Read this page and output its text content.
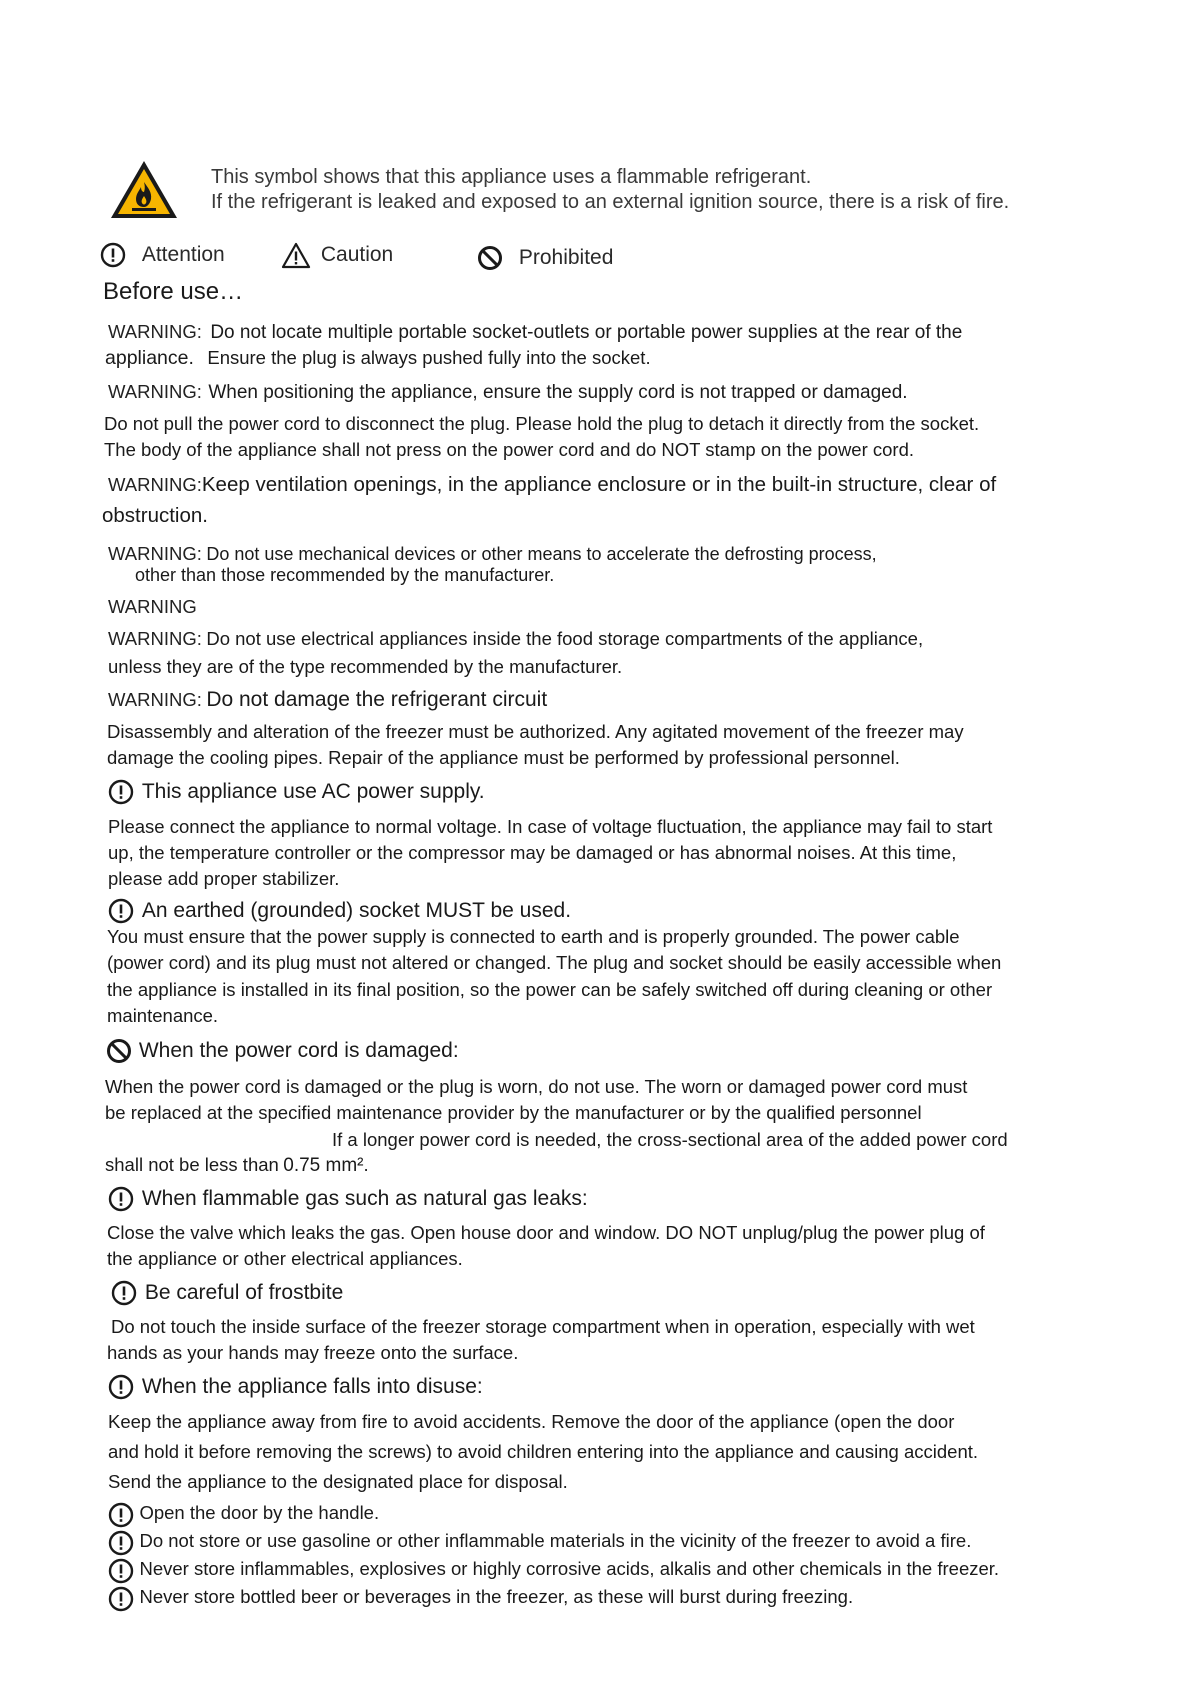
This symbol shows that this appliance uses a flammable refrigerant.
If the refrigerant is leaked and exposed to an external ignition source, there is a risk of fire.
Attention	Caution	Prohibited
Before use…
WARNING: Do not locate multiple portable socket-outlets or portable power supplies at the rear of the
appliance. Ensure the plug is always pushed fully into the socket.
WARNING: When positioning the appliance, ensure the supply cord is not trapped or damaged.
Do not pull the power cord to disconnect the plug. Please hold the plug to detach it directly from the socket.
The body of the appliance shall not press on the power cord and do NOT stamp on the power cord.
WARNING:Keep ventilation openings, in the appliance enclosure or in the built-in structure, clear of
obstruction.
WARNING: Do not use mechanical devices or other means to accelerate the defrosting process,
other than those recommended by the manufacturer.
WARNING
WARNING: Do not use electrical appliances inside the food storage compartments of the appliance,
unless they are of the type recommended by the manufacturer.
WARNING: Do not damage the refrigerant circuit
Disassembly and alteration of the freezer must be authorized. Any agitated movement of the freezer may
damage the cooling pipes. Repair of the appliance must be performed by professional personnel.
This appliance use AC power supply.
Please connect the appliance to normal voltage. In case of voltage fluctuation, the appliance may fail to start
up, the temperature controller or the compressor may be damaged or has abnormal noises. At this time,
please add proper stabilizer.
An earthed (grounded) socket MUST be used.
You must ensure that the power supply is connected to earth and is properly grounded. The power cable
(power cord) and its plug must not altered or changed. The plug and socket should be easily accessible when
the appliance is installed in its final position, so the power can be safely switched off during cleaning or other
maintenance.
When the power cord is damaged:
When the power cord is damaged or the plug is worn, do not use. The worn or damaged power cord must
be replaced at the specified maintenance provider by the manufacturer or by the qualified personnel
If a longer power cord is needed, the cross-sectional area of the added power cord
shall not be less than 0.75 mm².
When flammable gas such as natural gas leaks:
Close the valve which leaks the gas. Open house door and window. DO NOT unplug/plug the power plug of
the appliance or other electrical appliances.
Be careful of frostbite
Do not touch the inside surface of the freezer storage compartment when in operation, especially with wet
hands as your hands may freeze onto the surface.
When the appliance falls into disuse:
Keep the appliance away from fire to avoid accidents. Remove the door of the appliance (open the door
and hold it before removing the screws) to avoid children entering into the appliance and causing accident.
Send the appliance to the designated place for disposal.
Open the door by the handle.
Do not store or use gasoline or other inflammable materials in the vicinity of the freezer to avoid a fire.
Never store inflammables, explosives or highly corrosive acids, alkalis and other chemicals in the freezer.
Never store bottled beer or beverages in the freezer, as these will burst during freezing.
